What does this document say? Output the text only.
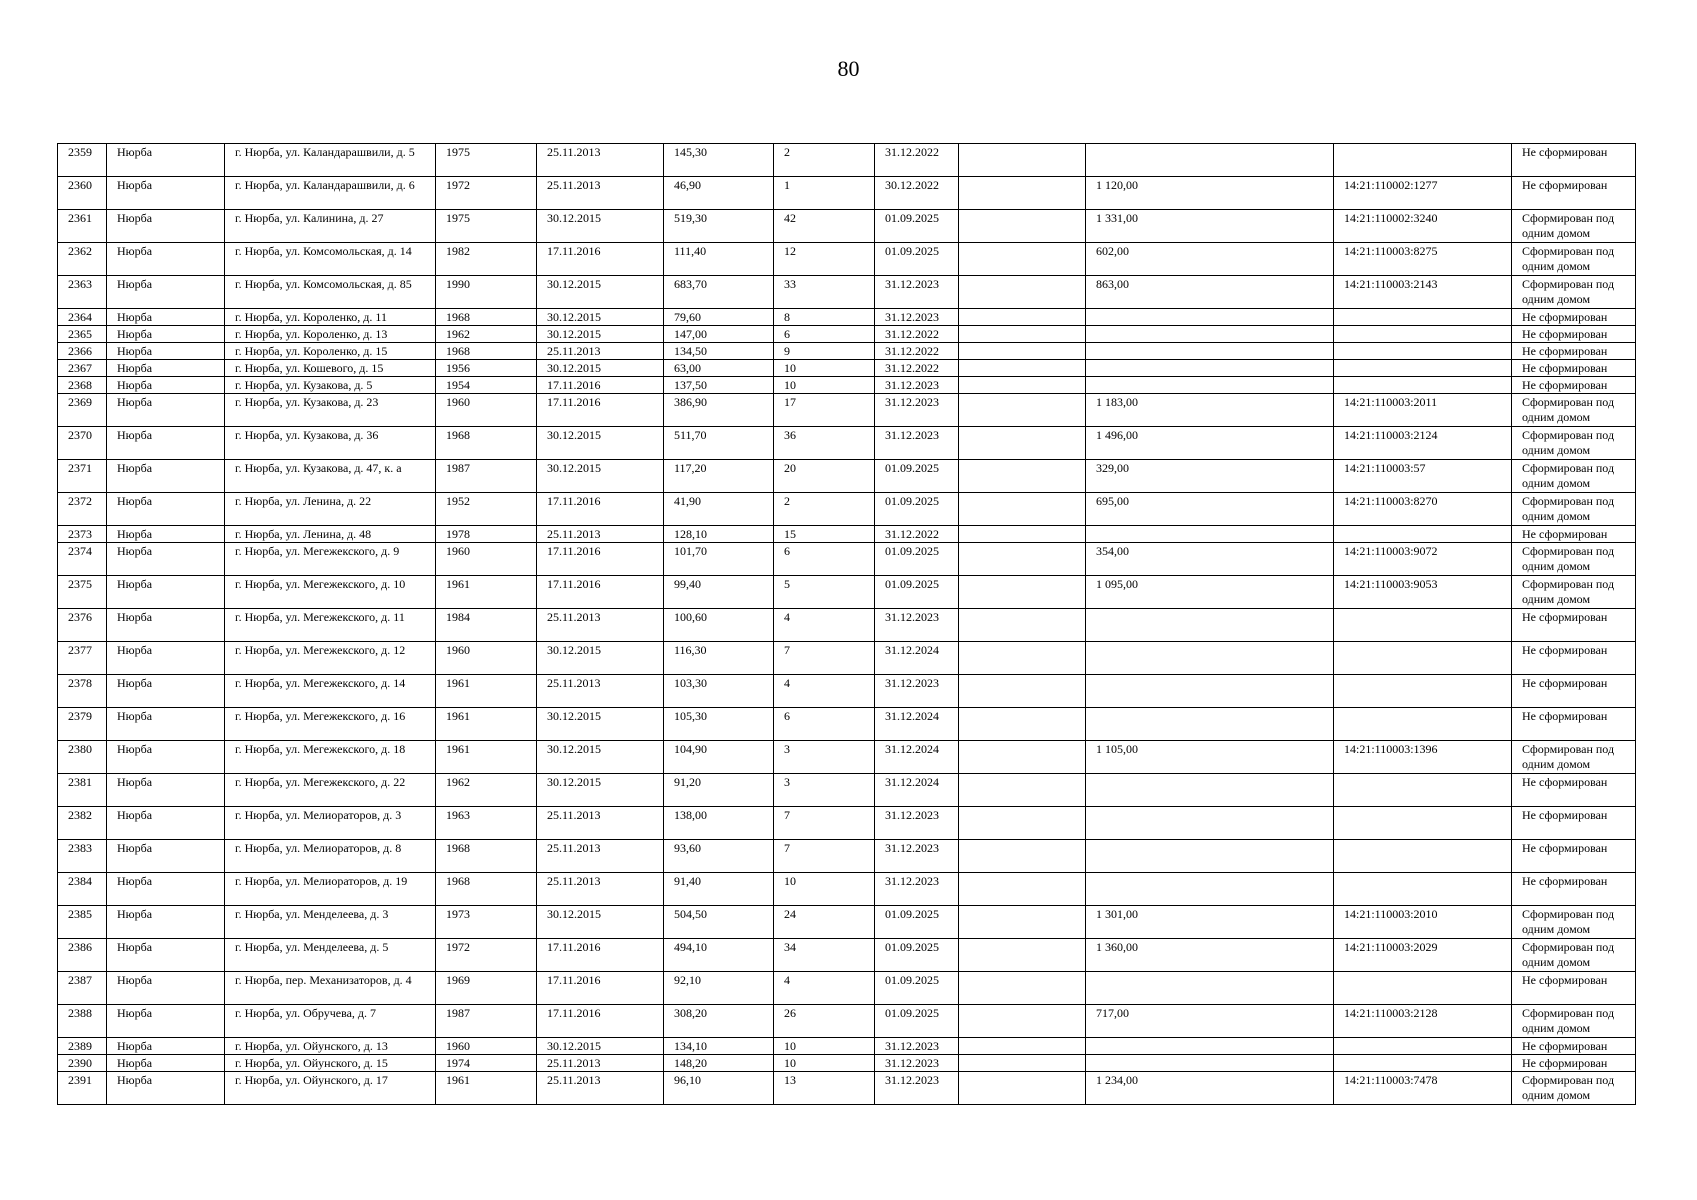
80
2359	Нюрба	г. Нюрба, ул. Каландарашвили, д. 5	1975	25.11.2013	145,30	2	31.12.2022				Не сформирован
2360	Нюрба	г. Нюрба, ул. Каландарашвили, д. 6	1972	25.11.2013	46,90	1	30.12.2022		1 120,00	14:21:110002:1277	Не сформирован
2361	Нюрба	г. Нюрба, ул. Калинина, д. 27	1975	30.12.2015	519,30	42	01.09.2025		1 331,00	14:21:110002:3240	Сформирован под одним домом
2362	Нюрба	г. Нюрба, ул. Комсомольская, д. 14	1982	17.11.2016	111,40	12	01.09.2025		602,00	14:21:110003:8275	Сформирован под одним домом
2363	Нюрба	г. Нюрба, ул. Комсомольская, д. 85	1990	30.12.2015	683,70	33	31.12.2023		863,00	14:21:110003:2143	Сформирован под одним домом
2364	Нюрба	г. Нюрба, ул. Короленко, д. 11	1968	30.12.2015	79,60	8	31.12.2023				Не сформирован
2365	Нюрба	г. Нюрба, ул. Короленко, д. 13	1962	30.12.2015	147,00	6	31.12.2022				Не сформирован
2366	Нюрба	г. Нюрба, ул. Короленко, д. 15	1968	25.11.2013	134,50	9	31.12.2022				Не сформирован
2367	Нюрба	г. Нюрба, ул. Кошевого, д. 15	1956	30.12.2015	63,00	10	31.12.2022				Не сформирован
2368	Нюрба	г. Нюрба, ул. Кузакова, д. 5	1954	17.11.2016	137,50	10	31.12.2023				Не сформирован
2369	Нюрба	г. Нюрба, ул. Кузакова, д. 23	1960	17.11.2016	386,90	17	31.12.2023		1 183,00	14:21:110003:2011	Сформирован под одним домом
2370	Нюрба	г. Нюрба, ул. Кузакова, д. 36	1968	30.12.2015	511,70	36	31.12.2023		1 496,00	14:21:110003:2124	Сформирован под одним домом
2371	Нюрба	г. Нюрба, ул. Кузакова, д. 47, к. а	1987	30.12.2015	117,20	20	01.09.2025		329,00	14:21:110003:57	Сформирован под одним домом
2372	Нюрба	г. Нюрба, ул. Ленина, д. 22	1952	17.11.2016	41,90	2	01.09.2025		695,00	14:21:110003:8270	Сформирован под одним домом
2373	Нюрба	г. Нюрба, ул. Ленина, д. 48	1978	25.11.2013	128,10	15	31.12.2022				Не сформирован
2374	Нюрба	г. Нюрба, ул. Мегежекского, д. 9	1960	17.11.2016	101,70	6	01.09.2025		354,00	14:21:110003:9072	Сформирован под одним домом
2375	Нюрба	г. Нюрба, ул. Мегежекского, д. 10	1961	17.11.2016	99,40	5	01.09.2025		1 095,00	14:21:110003:9053	Сформирован под одним домом
2376	Нюрба	г. Нюрба, ул. Мегежекского, д. 11	1984	25.11.2013	100,60	4	31.12.2023				Не сформирован
2377	Нюрба	г. Нюрба, ул. Мегежекского, д. 12	1960	30.12.2015	116,30	7	31.12.2024				Не сформирован
2378	Нюрба	г. Нюрба, ул. Мегежекского, д. 14	1961	25.11.2013	103,30	4	31.12.2023				Не сформирован
2379	Нюрба	г. Нюрба, ул. Мегежекского, д. 16	1961	30.12.2015	105,30	6	31.12.2024				Не сформирован
2380	Нюрба	г. Нюрба, ул. Мегежекского, д. 18	1961	30.12.2015	104,90	3	31.12.2024		1 105,00	14:21:110003:1396	Сформирован под одним домом
2381	Нюрба	г. Нюрба, ул. Мегежекского, д. 22	1962	30.12.2015	91,20	3	31.12.2024				Не сформирован
2382	Нюрба	г. Нюрба, ул. Мелиораторов, д. 3	1963	25.11.2013	138,00	7	31.12.2023				Не сформирован
2383	Нюрба	г. Нюрба, ул. Мелиораторов, д. 8	1968	25.11.2013	93,60	7	31.12.2023				Не сформирован
2384	Нюрба	г. Нюрба, ул. Мелиораторов, д. 19	1968	25.11.2013	91,40	10	31.12.2023				Не сформирован
2385	Нюрба	г. Нюрба, ул. Менделеева, д. 3	1973	30.12.2015	504,50	24	01.09.2025		1 301,00	14:21:110003:2010	Сформирован под одним домом
2386	Нюрба	г. Нюрба, ул. Менделеева, д. 5	1972	17.11.2016	494,10	34	01.09.2025		1 360,00	14:21:110003:2029	Сформирован под одним домом
2387	Нюрба	г. Нюрба, пер. Механизаторов, д. 4	1969	17.11.2016	92,10	4	01.09.2025				Не сформирован
2388	Нюрба	г. Нюрба, ул. Обручева, д. 7	1987	17.11.2016	308,20	26	01.09.2025		717,00	14:21:110003:2128	Сформирован под одним домом
2389	Нюрба	г. Нюрба, ул. Ойунского, д. 13	1960	30.12.2015	134,10	10	31.12.2023				Не сформирован
2390	Нюрба	г. Нюрба, ул. Ойунского, д. 15	1974	25.11.2013	148,20	10	31.12.2023				Не сформирован
2391	Нюрба	г. Нюрба, ул. Ойунского, д. 17	1961	25.11.2013	96,10	13	31.12.2023		1 234,00	14:21:110003:7478	Сформирован под одним домом
